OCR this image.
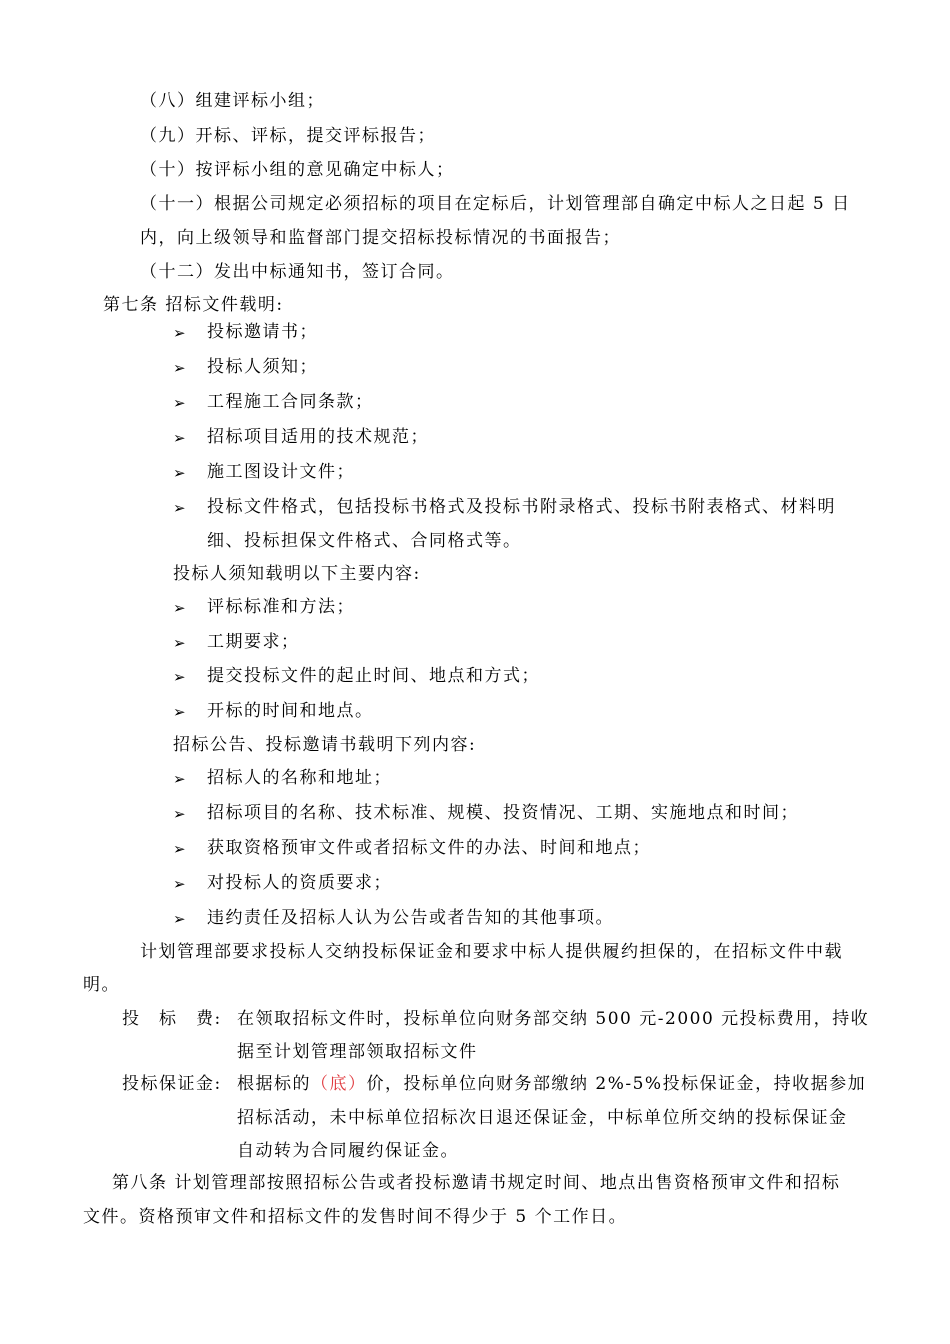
（八）组建评标小组；
（九）开标、评标，提交评标报告；
（十）按评标小组的意见确定中标人；
（十一）根据公司规定必须招标的项目在定标后，计划管理部自确定中标人之日起 5 日
内，向上级领导和监督部门提交招标投标情况的书面报告；
（十二）发出中标通知书，签订合同。
第七条 招标文件载明:
➢ 投标邀请书；
➢ 投标人须知；
➢ 工程施工合同条款；
➢ 招标项目适用的技术规范；
➢ 施工图设计文件；
➢ 投标文件格式，包括投标书格式及投标书附录格式、投标书附表格式、材料明
细、投标担保文件格式、合同格式等。
投标人须知载明以下主要内容:
➢ 评标标准和方法；
➢ 工期要求；
➢ 提交投标文件的起止时间、地点和方式；
➢ 开标的时间和地点。
招标公告、投标邀请书载明下列内容:
➢ 招标人的名称和地址；
➢ 招标项目的名称、技术标准、规模、投资情况、工期、实施地点和时间；
➢ 获取资格预审文件或者招标文件的办法、时间和地点；
➢ 对投标人的资质要求；
➢ 违约责任及招标人认为公告或者告知的其他事项。
计划管理部要求投标人交纳投标保证金和要求中标人提供履约担保的，在招标文件中载
明。
投　标　费: 在领取招标文件时，投标单位向财务部交纳 500 元-2000 元投标费用，持收
据至计划管理部领取招标文件
投标保证金: 根据标的（底）价，投标单位向财务部缴纳 2%-5%投标保证金，持收据参加
招标活动，未中标单位招标次日退还保证金，中标单位所交纳的投标保证金
自动转为合同履约保证金。
第八条 计划管理部按照招标公告或者投标邀请书规定时间、地点出售资格预审文件和招标
文件。资格预审文件和招标文件的发售时间不得少于 5 个工作日。
